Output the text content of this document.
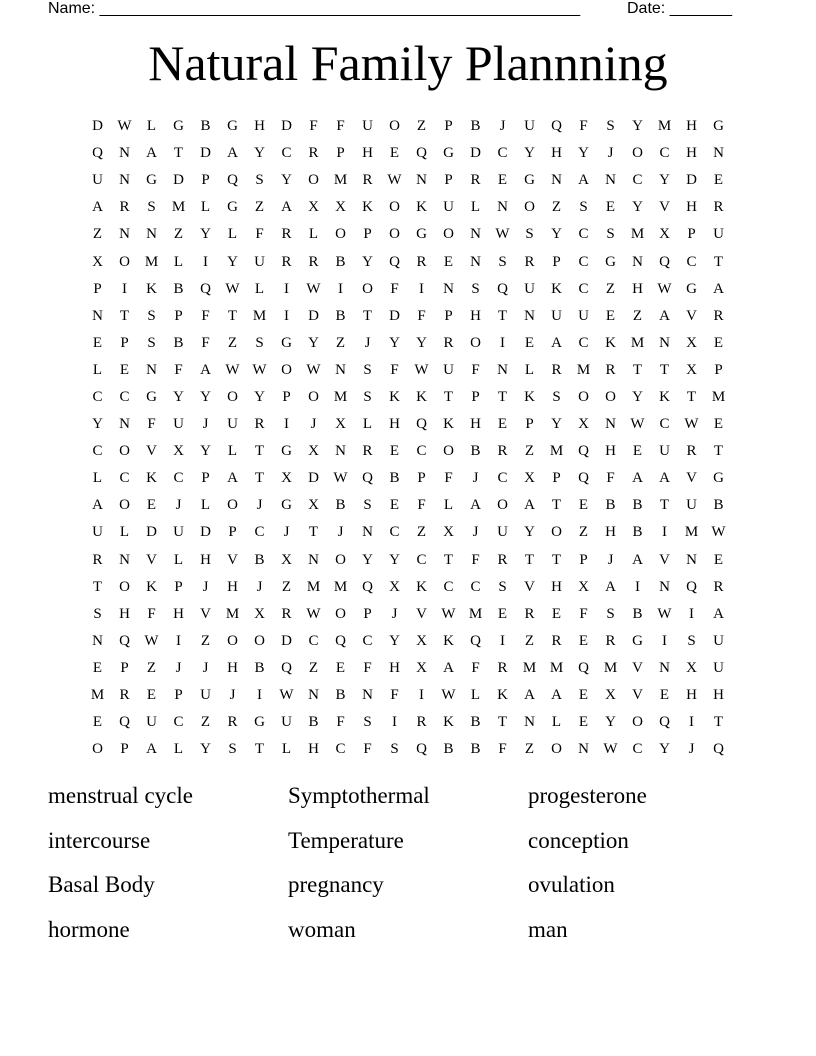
Name: ______________________________________________________	Date: _______
Natural Family Plannning
D W	L	G	B	G	H	D	F	F	U	O	Z	P	B	J	U	Q	F	S	Y M H	G
Q	N	A	T	D	A	Y	C	R	P	H	E	Q	G	D	C	Y	H	Y	J	O	C	H	N
U	N	G	D	P	Q	S	Y	O M	R W N	P	R	E	G	N	A	N	C	Y	D	E
A	R	S	M	L	G	Z	A	X	X	K	O	K	U	L	N	O	Z	S	E	Y	V	H	R
Z	N	N	Z	Y	L	F	R	L	O	P	O	G	O	N W	S	Y	C	S	M X	P	U
X	O M	L	I	Y	U	R	R	B	Y	Q	R	E	N	S	R	P	C	G	N	Q	C	T
P	I	K	B	Q W	L	I	W	I	O	F	I	N	S	Q	U	K	C	Z	H W G	A
N	T	S	P	F	T	M	I	D	B	T	D	F	P	H	T	N	U	U	E	Z	A	V	R
E	P	S	B	F	Z	S	G	Y	Z	J	Y	Y	R	O	I	E	A	C	K M N	X	E
L	E	N	F	A W W O W N	S	F	W U	F	N	L	R	M	R	T	T	X	P
C	C	G	Y	Y	O	Y	P	O M	S	K	K	T	P	T	K	S	O	O	Y	K	T	M
Y	N	F	U	J	U	R	I	J	X	L	H	Q	K	H	E	P	Y	X	N W C W	E
C	O	V	X	Y	L	T	G	X	N	R	E	C	O	B	R	Z	M Q	H	E	U	R	T
L	C	K	C	P	A	T	X	D W Q	B	P	F	J	C	X	P	Q	F	A	A	V	G
A	O	E	J	L	O	J	G	X	B	S	E	F	L	A	O	A	T	E	B	B	T	U	B
U	L	D	U	D	P	C	J	T	J	N	C	Z	X	J	U	Y	O	Z	H	B	I	M W
R	N	V	L	H	V	B	X	N	O	Y	Y	C	T	F	R	T	T	P	J	A	V	N	E
T	O	K	P	J	H	J	Z	M M Q	X	K	C	C	S	V	H	X	A	I	N	Q	R
S	H	F	H	V M X	R W O	P	J	V W M	E	R	E	F	S	B W	I	A
N	Q W	I	Z	O	O	D	C	Q	C	Y	X	K	Q	I	Z	R	E	R	G	I	S	U
E	P	Z	J	J	H	B	Q	Z	E	F	H	X	A	F	R	M M Q M V	N	X	U
M	R	E	P	U	J	I	W N	B	N	F	I	W	L	K	A	A	E	X	V	E	H	H
E	Q	U	C	Z	R	G	U	B	F	S	I	R	K	B	T	N	L	E	Y	O	Q	I	T
O	P	A	L	Y	S	T	L	H	C	F	S	Q	B	B	F	Z	O	N W C	Y	J	Q
menstrual cycle	Symptothermal	progesterone
intercourse	Temperature	conception
Basal Body	pregnancy	ovulation
hormone	woman	man
